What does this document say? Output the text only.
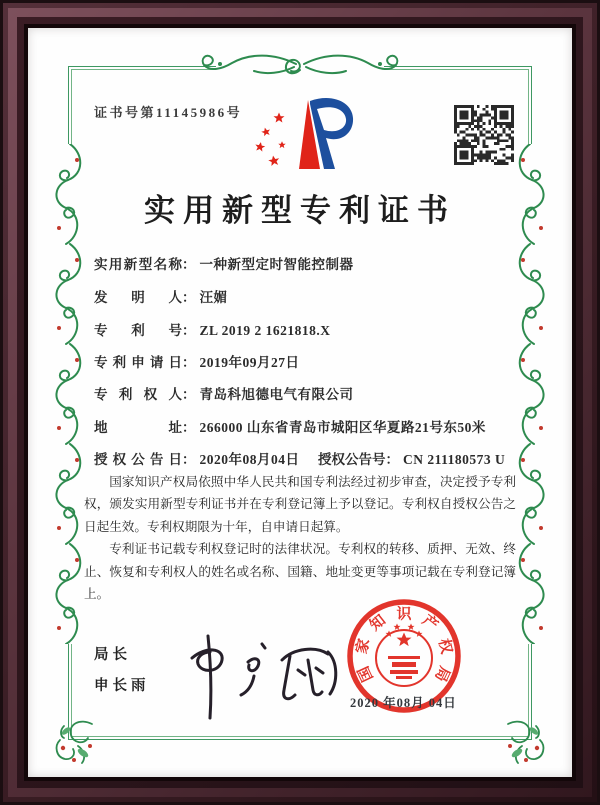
证书号第11145986号
实用新型专利证书
实用新型名称： 一种新型定时智能控制器
发明人： 汪媚
专利号： ZL 2019 2 1621818.X
专利申请日： 2019年09月27日
专利权人： 青岛科旭德电气有限公司
地址： 266000 山东省青岛市城阳区华夏路21号东50米
授权公告日： 2020年08月04日 授权公告号： CN 211180573 U

国家知识产权局依照中华人民共和国专利法经过初步审查，决定授予专利权，颁发实用新型专利证书并在专利登记簿上予以登记。专利权自授权公告之日起生效。专利权期限为十年，自申请日起算。

专利证书记载专利权登记时的法律状况。专利权的转移、质押、无效、终止、恢复和专利权人的姓名或名称、国籍、地址变更等事项记载在专利登记簿上。

局长
申长雨
国
家
知 识 产
权
局
2020 年08月 04日
